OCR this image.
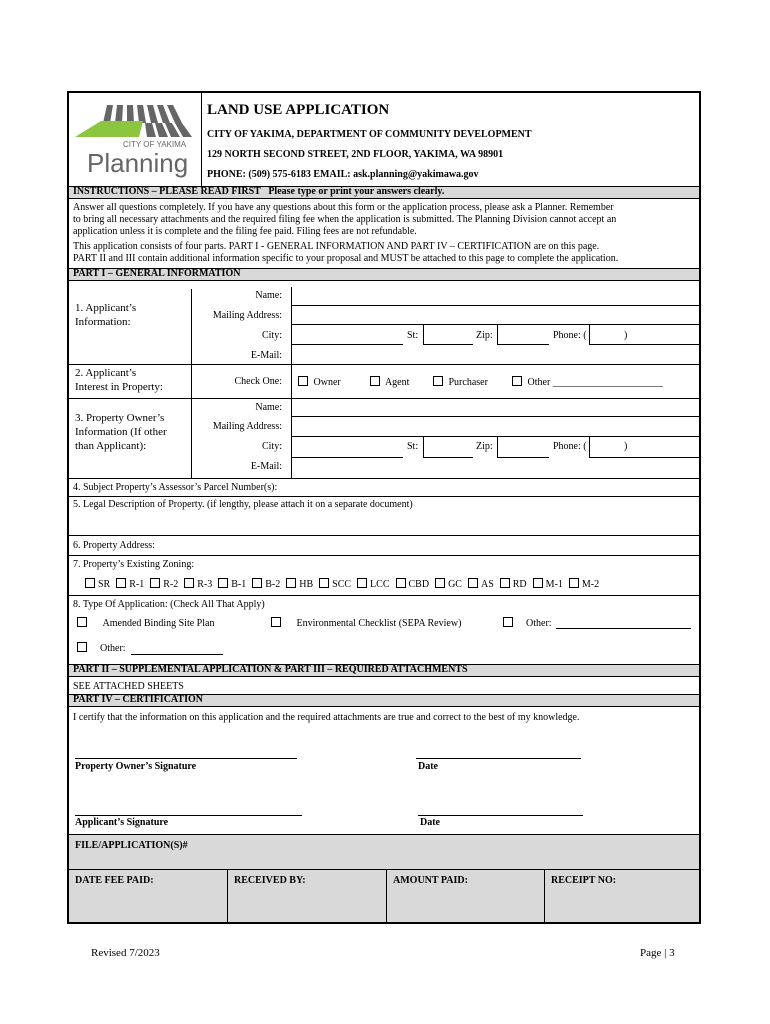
CITY OF YAKIMA
Planning
LAND USE APPLICATION
CITY OF YAKIMA, DEPARTMENT OF COMMUNITY DEVELOPMENT
129 NORTH SECOND STREET, 2ND FLOOR, YAKIMA, WA 98901
PHONE: (509) 575-6183 EMAIL: ask.planning@yakimawa.gov
INSTRUCTIONS – PLEASE READ FIRST Please type or print your answers clearly.
Answer all questions completely. If you have any questions about this form or the application process, please ask a Planner. Remember
to bring all necessary attachments and the required filing fee when the application is submitted. The Planning Division cannot accept an
application unless it is complete and the filing fee paid. Filing fees are not refundable.
This application consists of four parts. PART I - GENERAL INFORMATION AND PART IV – CERTIFICATION are on this page.
PART II and III contain additional information specific to your proposal and MUST be attached to this page to complete the application.
PART I – GENERAL INFORMATION
1. Applicant’s
Information:
Name:
Mailing Address:
City:	St:	Zip:	Phone: (	)
E-Mail:
2. Applicant’s
Interest in Property:	Check One:	Owner	Agent	Purchaser	Other ______________________
3. Property Owner’s
Information (If other
than Applicant):
Name:
Mailing Address:
City:	St:	Zip:	Phone: (	)
E-Mail:
4. Subject Property’s Assessor’s Parcel Number(s):
5. Legal Description of Property. (if lengthy, please attach it on a separate document)
6. Property Address:
7. Property’s Existing Zoning:
SR R-1 R-2 R-3 B-1 B-2 HB SCC LCC CBD GC AS RD M-1 M-2
8. Type Of Application: (Check All That Apply)
Amended Binding Site Plan	Environmental Checklist (SEPA Review)	Other:
Other:
PART II – SUPPLEMENTAL APPLICATION & PART III – REQUIRED ATTACHMENTS
SEE ATTACHED SHEETS
PART IV – CERTIFICATION
I certify that the information on this application and the required attachments are true and correct to the best of my knowledge.
Property Owner’s Signature	Date
Applicant’s Signature	Date
FILE/APPLICATION(S)#
DATE FEE PAID:	RECEIVED BY:	AMOUNT PAID:	RECEIPT NO:
Revised 7/2023	Page | 3
